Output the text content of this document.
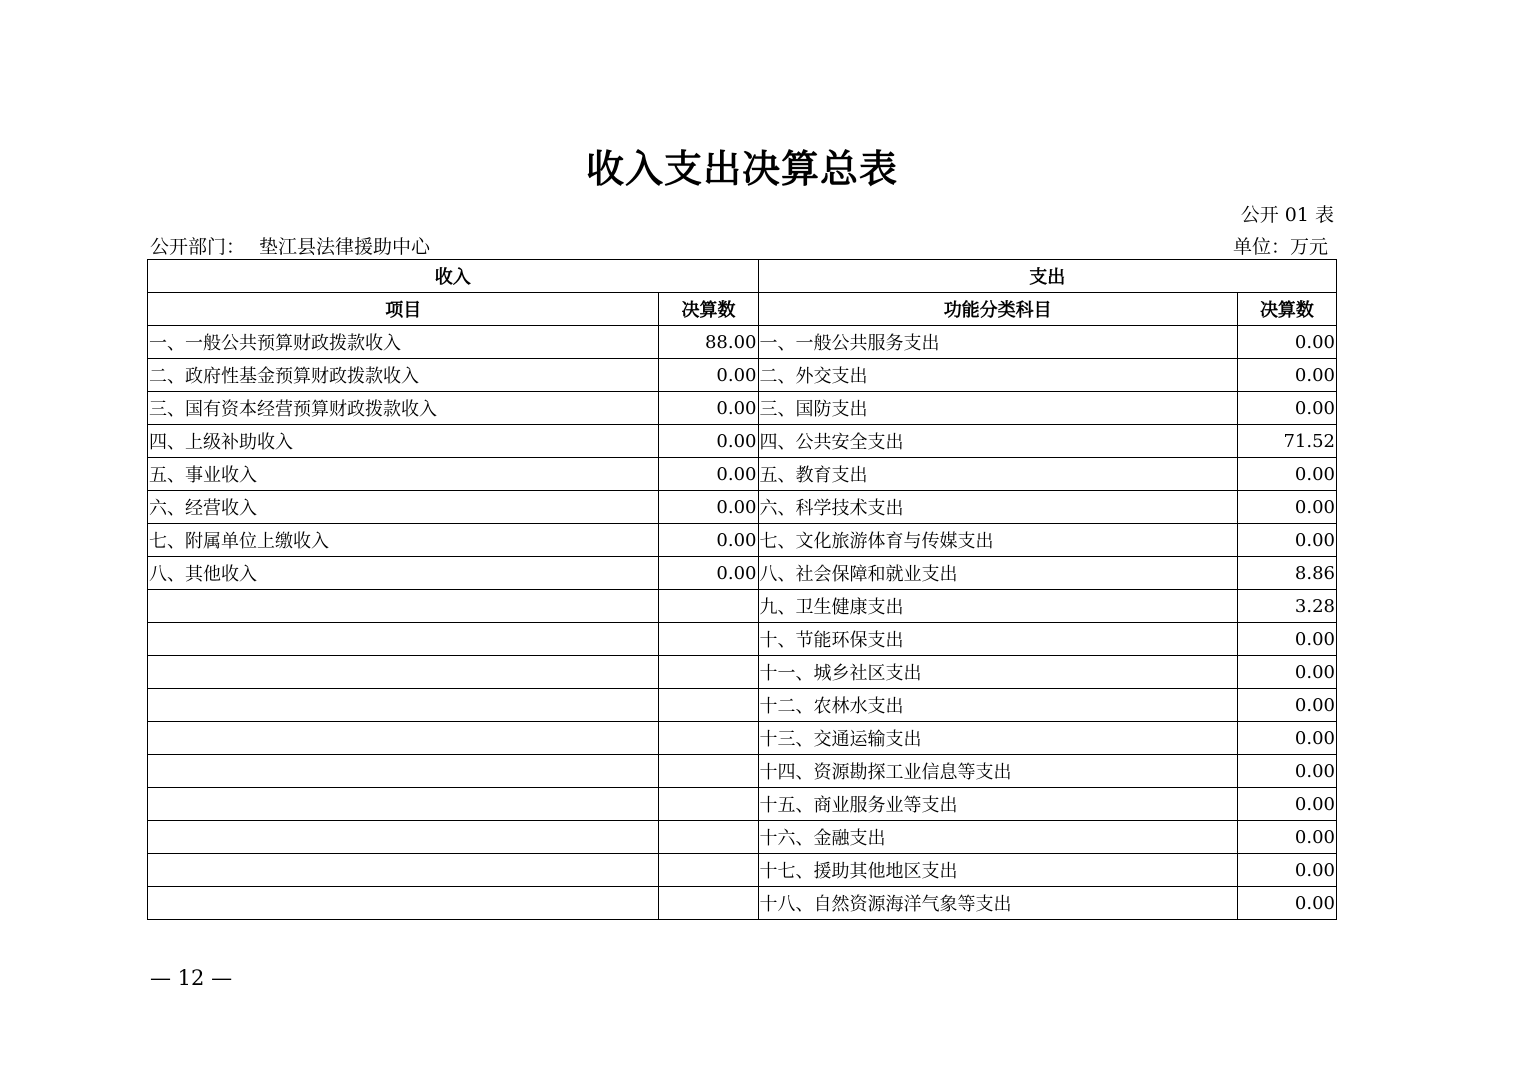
收入支出决算总表
公开 01 表
公开部门： 垫江县法律援助中心	单位：万元
收入		支出	
项目	决算数	功能分类科目	决算数
一、一般公共预算财政拨款收入	88.00	一、一般公共服务支出	0.00
二、政府性基金预算财政拨款收入	0.00	二、外交支出	0.00
三、国有资本经营预算财政拨款收入	0.00	三、国防支出	0.00
四、上级补助收入	0.00	四、公共安全支出	71.52
五、事业收入	0.00	五、教育支出	0.00
六、经营收入	0.00	六、科学技术支出	0.00
七、附属单位上缴收入	0.00	七、文化旅游体育与传媒支出	0.00
八、其他收入	0.00	八、社会保障和就业支出	8.86
		九、卫生健康支出	3.28
		十、节能环保支出	0.00
		十一、城乡社区支出	0.00
		十二、农林水支出	0.00
		十三、交通运输支出	0.00
		十四、资源勘探工业信息等支出	0.00
		十五、商业服务业等支出	0.00
		十六、金融支出	0.00
		十七、援助其他地区支出	0.00
		十八、自然资源海洋气象等支出	0.00
— 12 —
